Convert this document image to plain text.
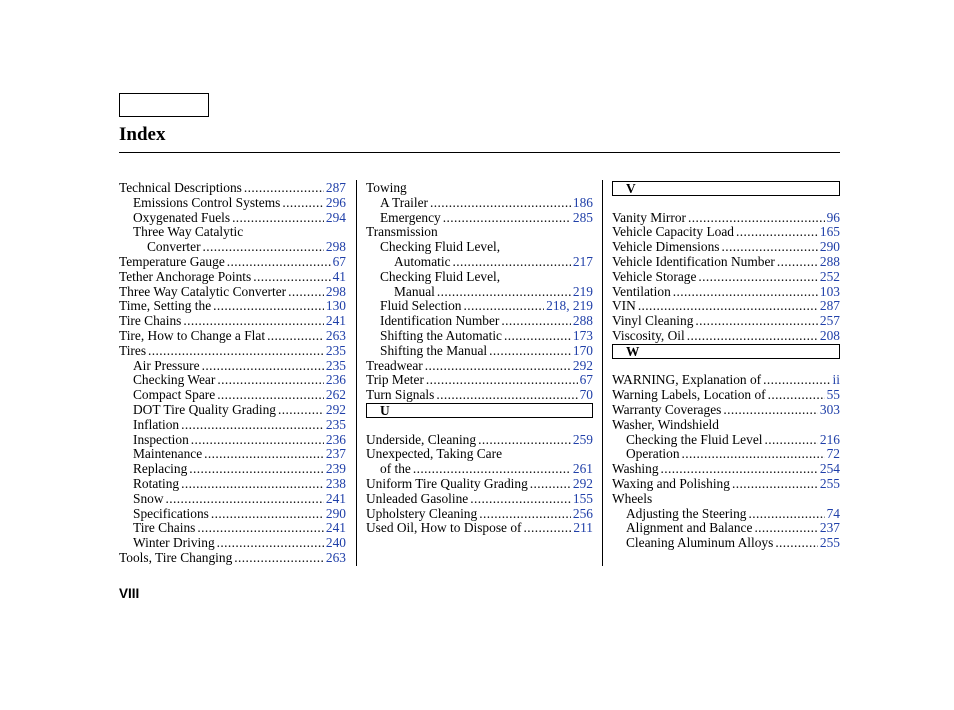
Index
Technical Descriptions .....	287
Emissions Control Systems .....	296
Oxygenated Fuels .....	294
Three Way Catalytic
Converter .....	298
Temperature Gauge .....	67
Tether Anchorage Points .....	41
Three Way Catalytic Converter .....	298
Time, Setting the .....	130
Tire Chains .....	241
Tire, How to Change a Flat .....	263
Tires .....	235
Air Pressure .....	235
Checking Wear .....	236
Compact Spare .....	262
DOT Tire Quality Grading .....	292
Inflation .....	235
Inspection .....	236
Maintenance .....	237
Replacing .....	239
Rotating .....	238
Snow .....	241
Specifications .....	290
Tire Chains .....	241
Winter Driving .....	240
Tools, Tire Changing .....	263
Towing
A Trailer .....	186
Emergency .....	285
Transmission
Checking Fluid Level,
Automatic .....	217
Checking Fluid Level,
Manual .....	219
Fluid Selection .....	218, 219
Identification Number .....	288
Shifting the Automatic .....	173
Shifting the Manual .....	170
Treadwear .....	292
Trip Meter .....	67
Turn Signals .....	70
U
Underside, Cleaning .....	259
Unexpected, Taking Care
of the .....	261
Uniform Tire Quality Grading .....	292
Unleaded Gasoline .....	155
Upholstery Cleaning .....	256
Used Oil, How to Dispose of .....	211
V
Vanity Mirror .....	96
Vehicle Capacity Load .....	165
Vehicle Dimensions .....	290
Vehicle Identification Number .....	288
Vehicle Storage .....	252
Ventilation .....	103
VIN .....	287
Vinyl Cleaning .....	257
Viscosity, Oil .....	208
W
WARNING, Explanation of .....	ii
Warning Labels, Location of .....	55
Warranty Coverages .....	303
Washer, Windshield
Checking the Fluid Level .....	216
Operation .....	72
Washing .....	254
Waxing and Polishing .....	255
Wheels
Adjusting the Steering .....	74
Alignment and Balance .....	237
Cleaning Aluminum Alloys .....	255
VIII
